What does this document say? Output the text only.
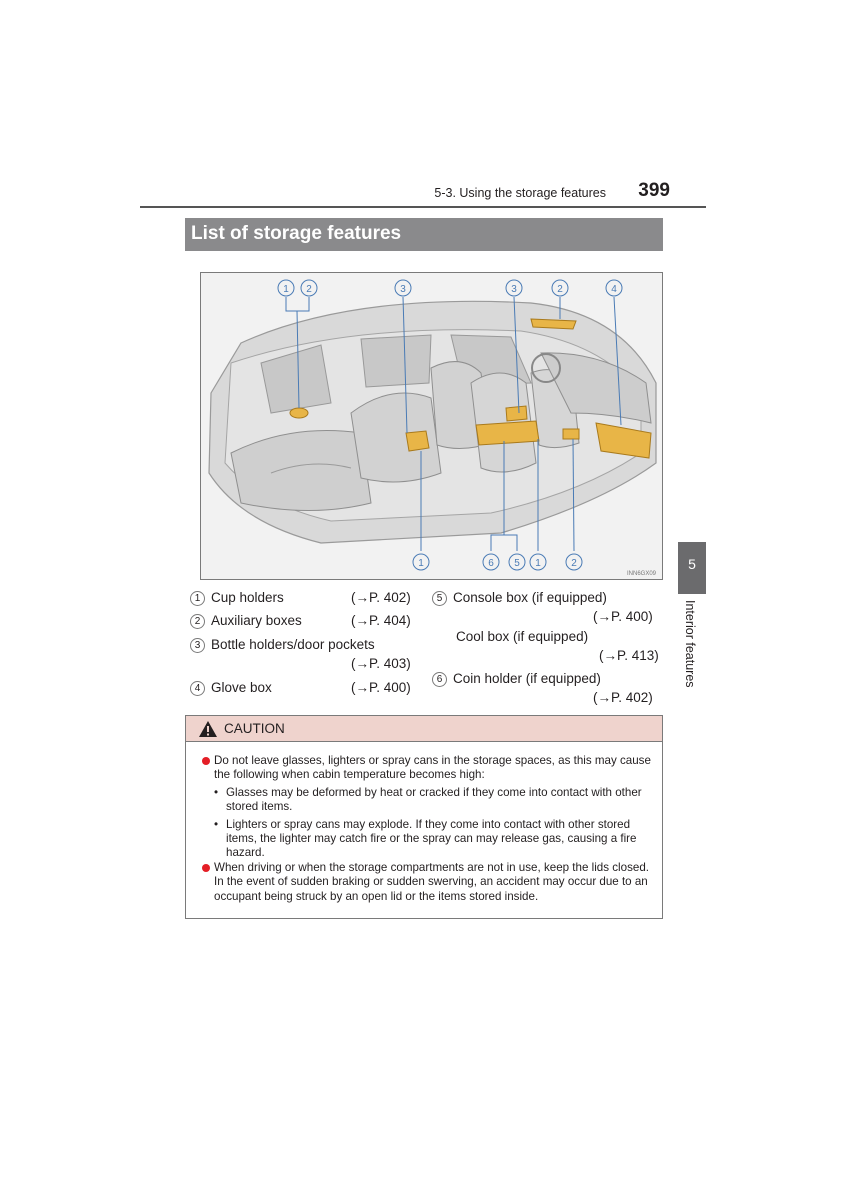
5-3. Using the storage features 399
List of storage features
1 2	3	3	2	4
1	6 5 1	2
INN6GX09
1 Cup holders	(→P. 402)
2 Auxiliary boxes	(→P. 404)
3 Bottle holders/door pockets
(→P. 403)
4 Glove box	(→P. 400)
5 Console box (if equipped)
(→P. 400)
Cool box (if equipped)
(→P. 413)
6 Coin holder (if equipped)
(→P. 402)
5
Interior features
CAUTION
Do not leave glasses, lighters or spray cans in the storage spaces, as this may cause the following when cabin temperature becomes high:
• Glasses may be deformed by heat or cracked if they come into contact with other stored items.
• Lighters or spray cans may explode. If they come into contact with other stored items, the lighter may catch fire or the spray can may release gas, causing a fire hazard.
When driving or when the storage compartments are not in use, keep the lids closed. In the event of sudden braking or sudden swerving, an accident may occur due to an occupant being struck by an open lid or the items stored inside.
